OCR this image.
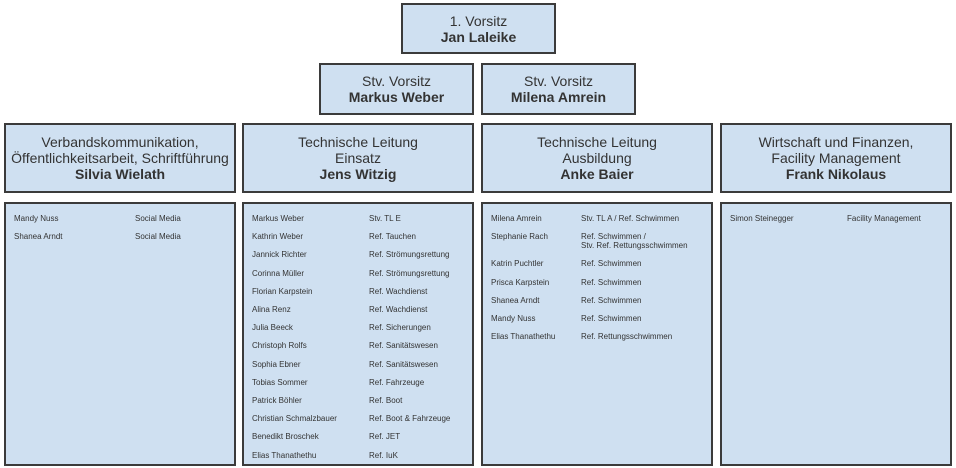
1. Vorsitz
Jan Laleike
Stv. Vorsitz
Markus Weber
Stv. Vorsitz
Milena Amrein
Verbandskommunikation,
Öffentlichkeitsarbeit, Schriftführung
Silvia Wielath
Technische Leitung
Einsatz
Jens Witzig
Technische Leitung
Ausbildung
Anke Baier
Wirtschaft und Finanzen,
Facility Management
Frank Nikolaus
Mandy Nuss	Social Media
Shanea Arndt	Social Media
Markus Weber	Stv. TL E
Kathrin Weber	Ref. Tauchen
Jannick Richter	Ref. Strömungsrettung
Corinna Müller	Ref. Strömungsrettung
Florian Karpstein	Ref. Wachdienst
Alina Renz	Ref. Wachdienst
Julia Beeck	Ref. Sicherungen
Christoph Rolfs	Ref. Sanitätswesen
Sophia Ebner	Ref. Sanitätswesen
Tobias Sommer	Ref. Fahrzeuge
Patrick Böhler	Ref. Boot
Christian Schmalzbauer	Ref. Boot & Fahrzeuge
Benedikt Broschek	Ref. JET
Elias Thanathethu	Ref. IuK
Milena Amrein	Stv. TL A / Ref. Schwimmen
Stephanie Rach	Ref. Schwimmen /
Stv. Ref. Rettungsschwimmen
Katrin Puchtler	Ref. Schwimmen
Prisca Karpstein	Ref. Schwimmen
Shanea Arndt	Ref. Schwimmen
Mandy Nuss	Ref. Schwimmen
Elias Thanathethu	Ref. Rettungsschwimmen
Simon Steinegger	Facility Management
